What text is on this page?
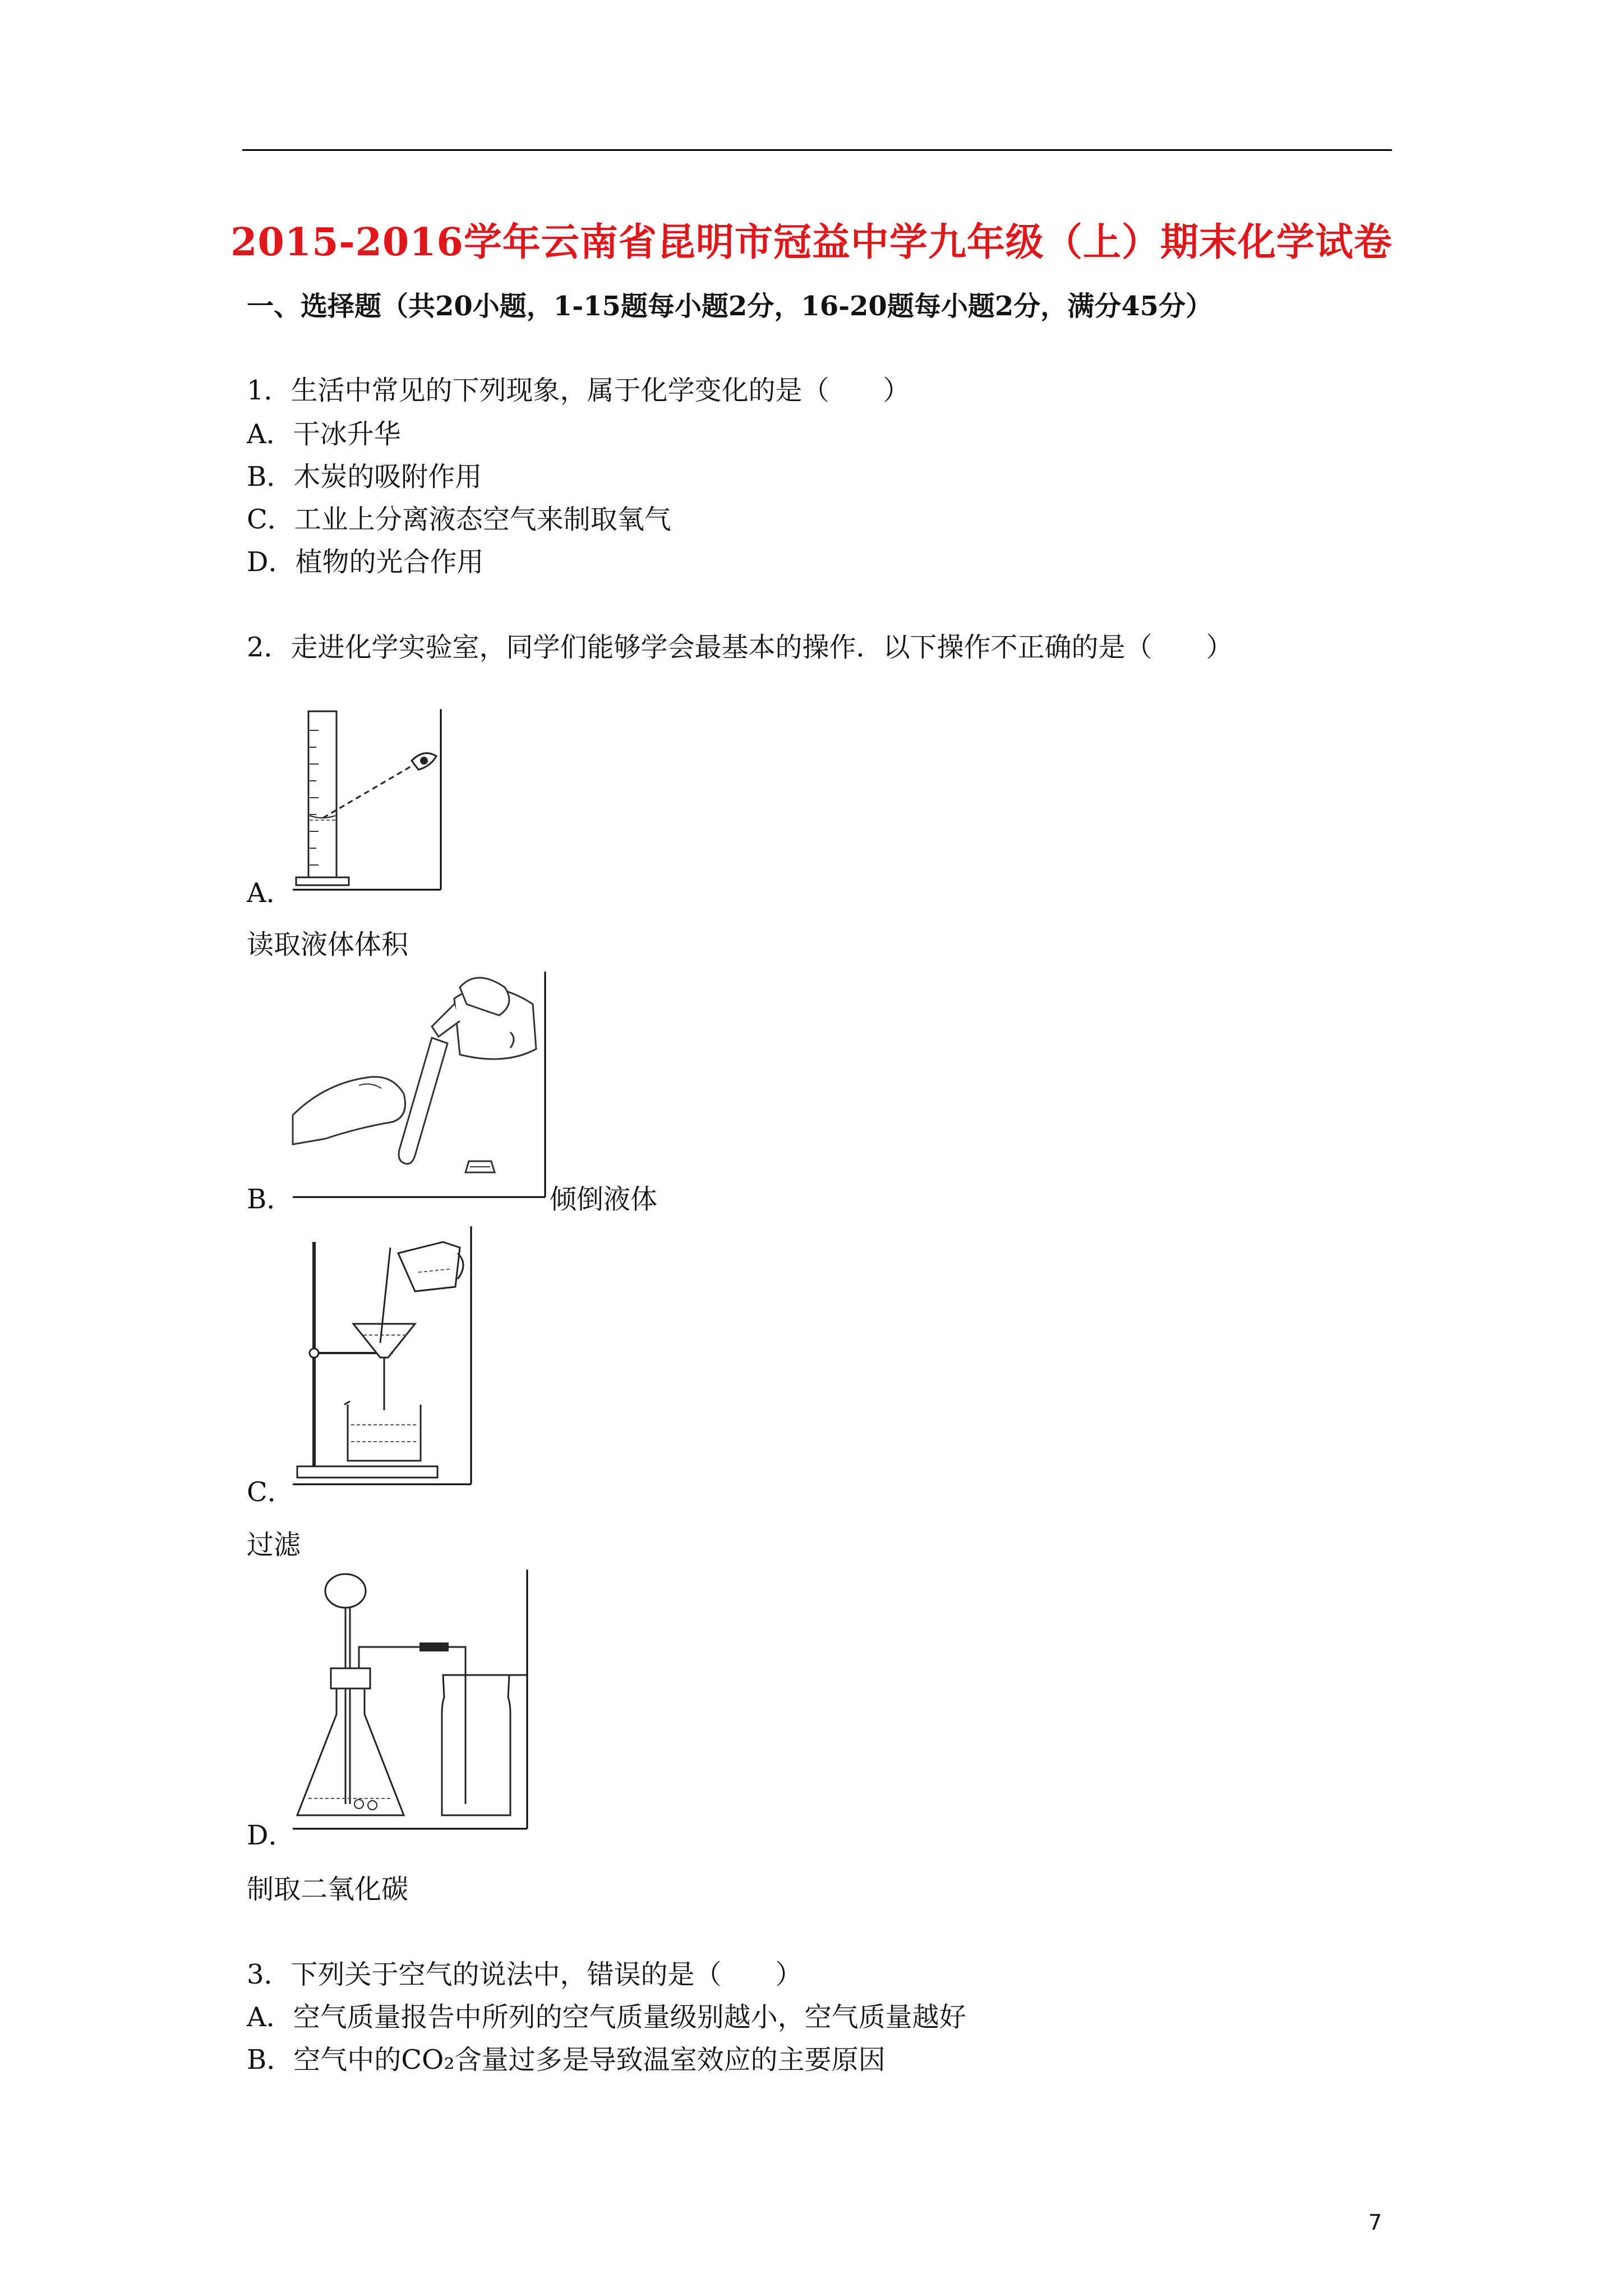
2015-2016学年云南省昆明市冠益中学九年级（上）期末化学试卷
一、选择题（共20小题，1-15题每小题2分，16-20题每小题2分，满分45分）
1．生活中常见的下列现象，属于化学变化的是（　　）
A．干冰升华
B．木炭的吸附作用
C．工业上分离液态空气来制取氧气
D．植物的光合作用
2．走进化学实验室，同学们能够学会最基本的操作．以下操作不正确的是（　　）
A．
读取液体体积
B．	倾倒液体
C．
过滤
D．
制取二氧化碳
3．下列关于空气的说法中，错误的是（　　）
A．空气质量报告中所列的空气质量级别越小，空气质量越好
B．空气中的CO₂含量过多是导致温室效应的主要原因
7
